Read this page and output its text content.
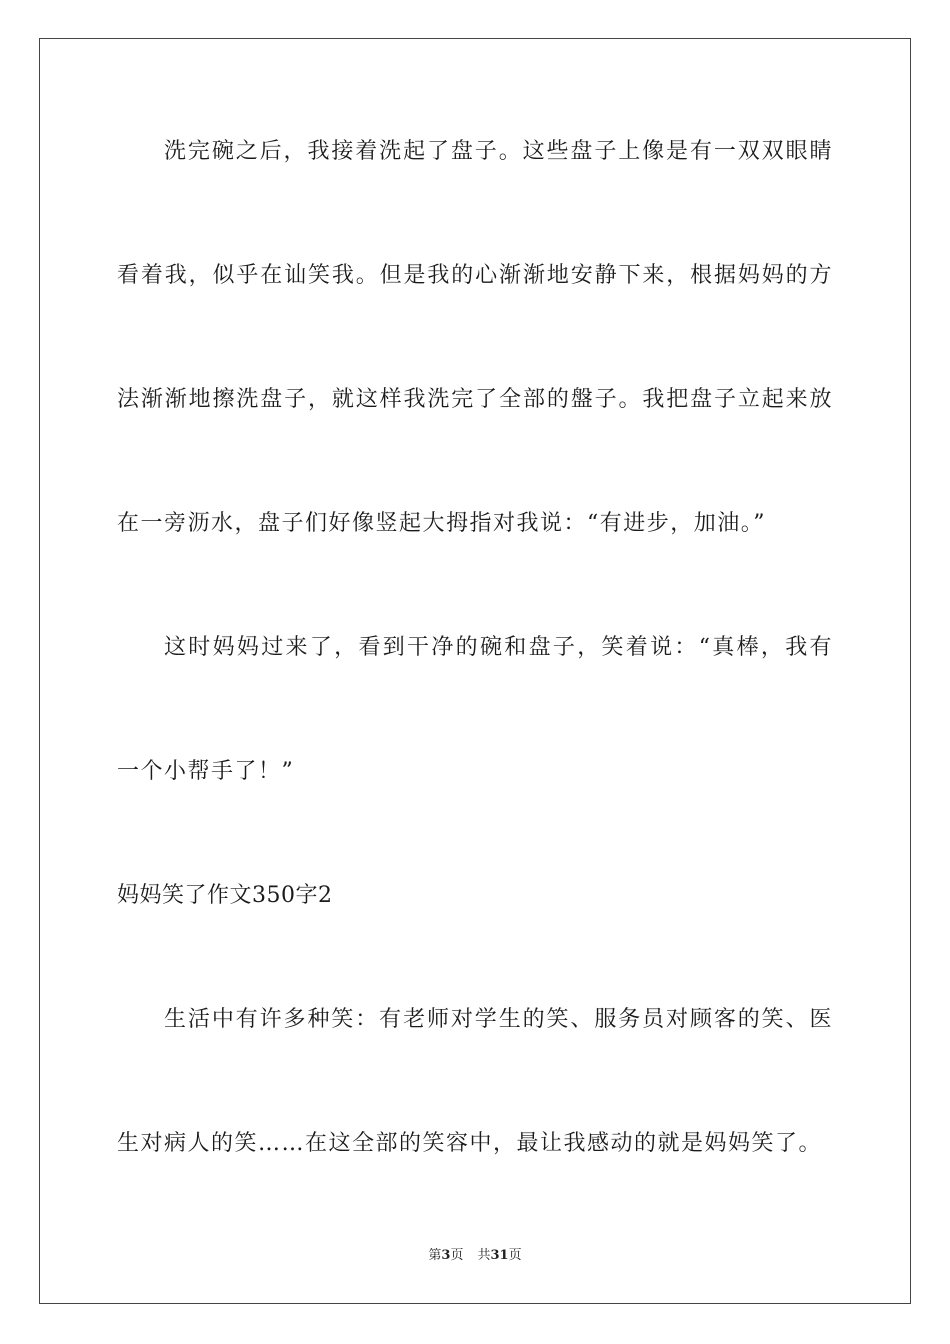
洗完碗之后，我接着洗起了盘子。这些盘子上像是有一双双眼睛
看着我，似乎在讪笑我。但是我的心渐渐地安静下来，根据妈妈的方
法渐渐地擦洗盘子，就这样我洗完了全部的盤子。我把盘子立起来放
在一旁沥水，盘子们好像竖起大拇指对我说：“有进步，加油。”
这时妈妈过来了，看到干净的碗和盘子，笑着说：“真棒，我有
一个小帮手了！”
妈妈笑了作文350字2
生活中有许多种笑：有老师对学生的笑、服务员对顾客的笑、医
生对病人的笑……在这全部的笑容中，最让我感动的就是妈妈笑了。
第3页 共31页
